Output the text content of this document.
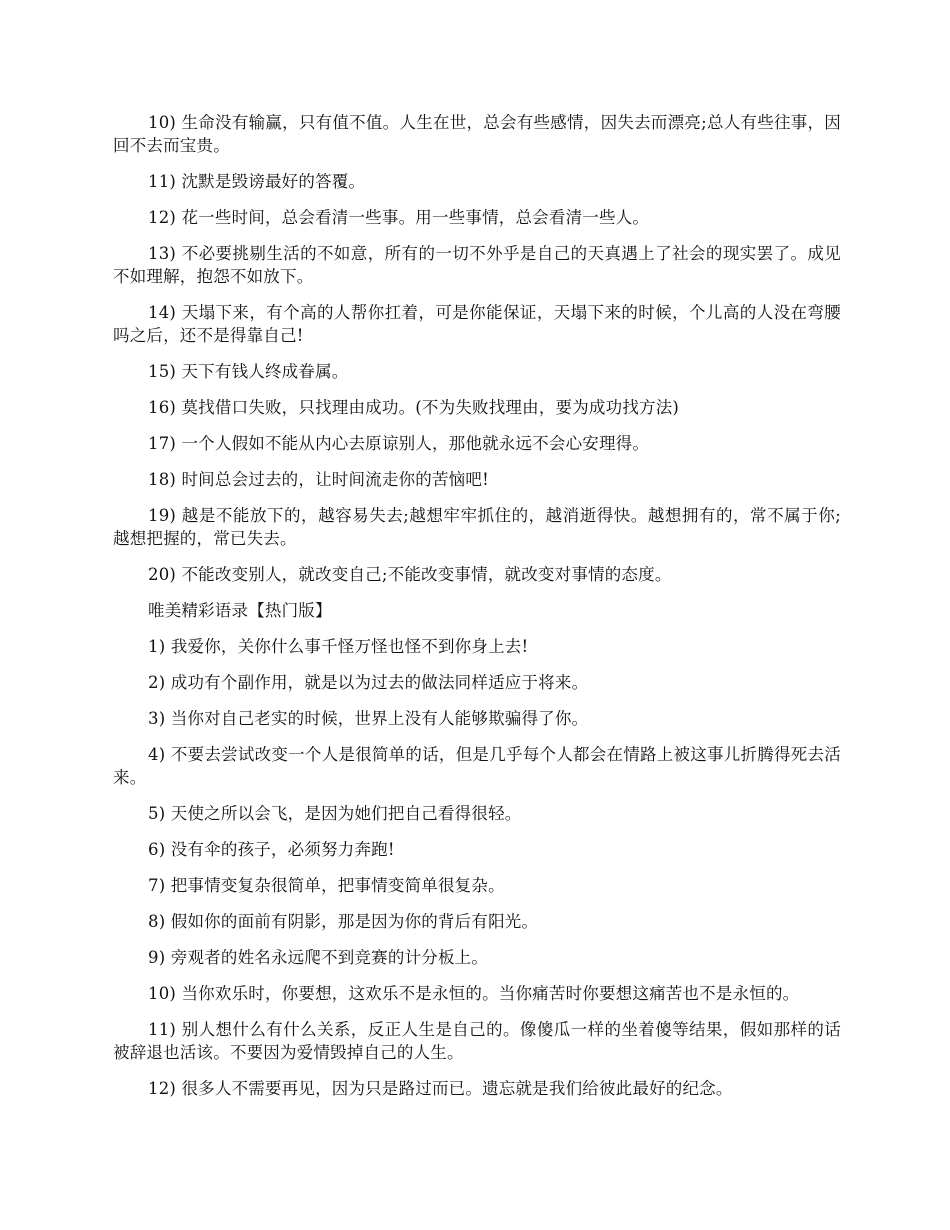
10) 生命没有输赢，只有值不值。人生在世，总会有些感情，因失去而漂亮;总人有些往事，因回不去而宝贵。

11) 沈默是毁谤最好的答覆。

12) 花一些时间，总会看清一些事。用一些事情，总会看清一些人。

13) 不必要挑剔生活的不如意，所有的一切不外乎是自己的天真遇上了社会的现实罢了。成见不如理解，抱怨不如放下。

14) 天塌下来，有个高的人帮你扛着，可是你能保证，天塌下来的时候，个儿高的人没在弯腰吗之后，还不是得靠自己!

15) 天下有钱人终成眷属。

16) 莫找借口失败，只找理由成功。(不为失败找理由，要为成功找方法)

17) 一个人假如不能从内心去原谅别人，那他就永远不会心安理得。

18) 时间总会过去的，让时间流走你的苦恼吧!

19) 越是不能放下的，越容易失去;越想牢牢抓住的，越消逝得快。越想拥有的，常不属于你;越想把握的，常已失去。

20) 不能改变别人，就改变自己;不能改变事情，就改变对事情的态度。

唯美精彩语录【热门版】

1) 我爱你，关你什么事千怪万怪也怪不到你身上去!

2) 成功有个副作用，就是以为过去的做法同样适应于将来。

3) 当你对自己老实的时候，世界上没有人能够欺骗得了你。

4) 不要去尝试改变一个人是很简单的话，但是几乎每个人都会在情路上被这事儿折腾得死去活来。

5) 天使之所以会飞，是因为她们把自己看得很轻。

6) 没有伞的孩子，必须努力奔跑!

7) 把事情变复杂很简单，把事情变简单很复杂。

8) 假如你的面前有阴影，那是因为你的背后有阳光。

9) 旁观者的姓名永远爬不到竞赛的计分板上。

10) 当你欢乐时，你要想，这欢乐不是永恒的。当你痛苦时你要想这痛苦也不是永恒的。

11) 别人想什么有什么关系，反正人生是自己的。像傻瓜一样的坐着傻等结果，假如那样的话被辞退也活该。不要因为爱情毁掉自己的人生。

12) 很多人不需要再见，因为只是路过而已。遗忘就是我们给彼此最好的纪念。
